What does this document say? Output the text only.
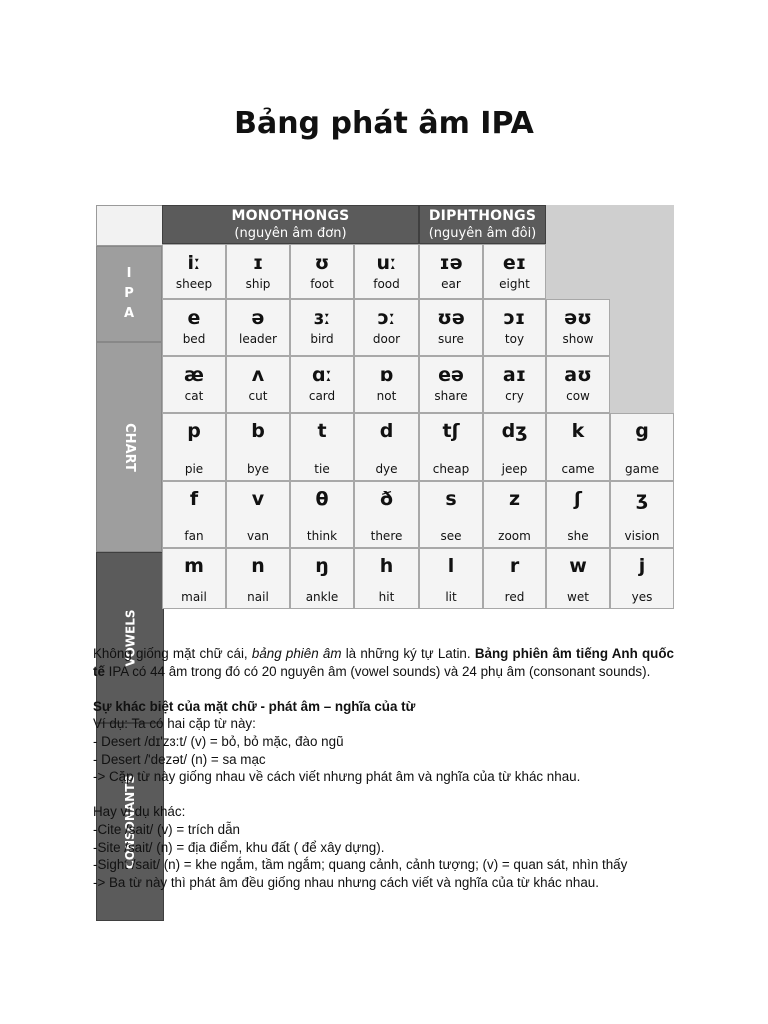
Bảng phát âm IPA
MONOTHONGS
(nguyên âm đơn)
DIPHTHONGS
(nguyên âm đôi)
I
P
A
CHART
VOWELS
CONSONANTS
iː
sheep
ɪ
ship
ʊ
foot
uː
food
ɪə
ear
eɪ
eight
e
bed
ə
leader
ɜː
bird
ɔː
door
ʊə
sure
ɔɪ
toy
əʊ
show
æ
cat
ʌ
cut
ɑː
card
ɒ
not
eə
share
aɪ
cry
aʊ
cow
p
pie
b
bye
t
tie
d
dye
tʃ
cheap
dʒ
jeep
k
came
g
game
f
fan
v
van
θ
think
ð
there
s
see
z
zoom
ʃ
she
ʒ
vision
m
mail
n
nail
ŋ
ankle
h
hit
l
lit
r
red
w
wet
j
yes

Không giống mặt chữ cái, bảng phiên âm là những ký tự Latin. Bảng phiên âm tiếng Anh quốc tế IPA có 44 âm trong đó có 20 nguyên âm (vowel sounds) và 24 phụ âm (consonant sounds).

Sự khác biệt của mặt chữ - phát âm – nghĩa của từ

Ví dụ: Ta có hai cặp từ này:

- Desert /dɪ'zɜ:t/ (v) = bỏ, bỏ mặc, đào ngũ

- Desert /'dezət/ (n) = sa mạc

-> Cặp từ này giống nhau về cách viết nhưng phát âm và nghĩa của từ khác nhau.

Hay ví dụ khác:

-Cite /sait/ (v) = trích dẫn

-Site /sait/ (n) = địa điểm, khu đất ( để xây dựng).

-Sight /sait/ (n) = khe ngắm, tầm ngắm; quang cảnh, cảnh tượng; (v) = quan sát, nhìn thấy

-> Ba từ này thì phát âm đều giống nhau nhưng cách viết và nghĩa của từ khác nhau.
